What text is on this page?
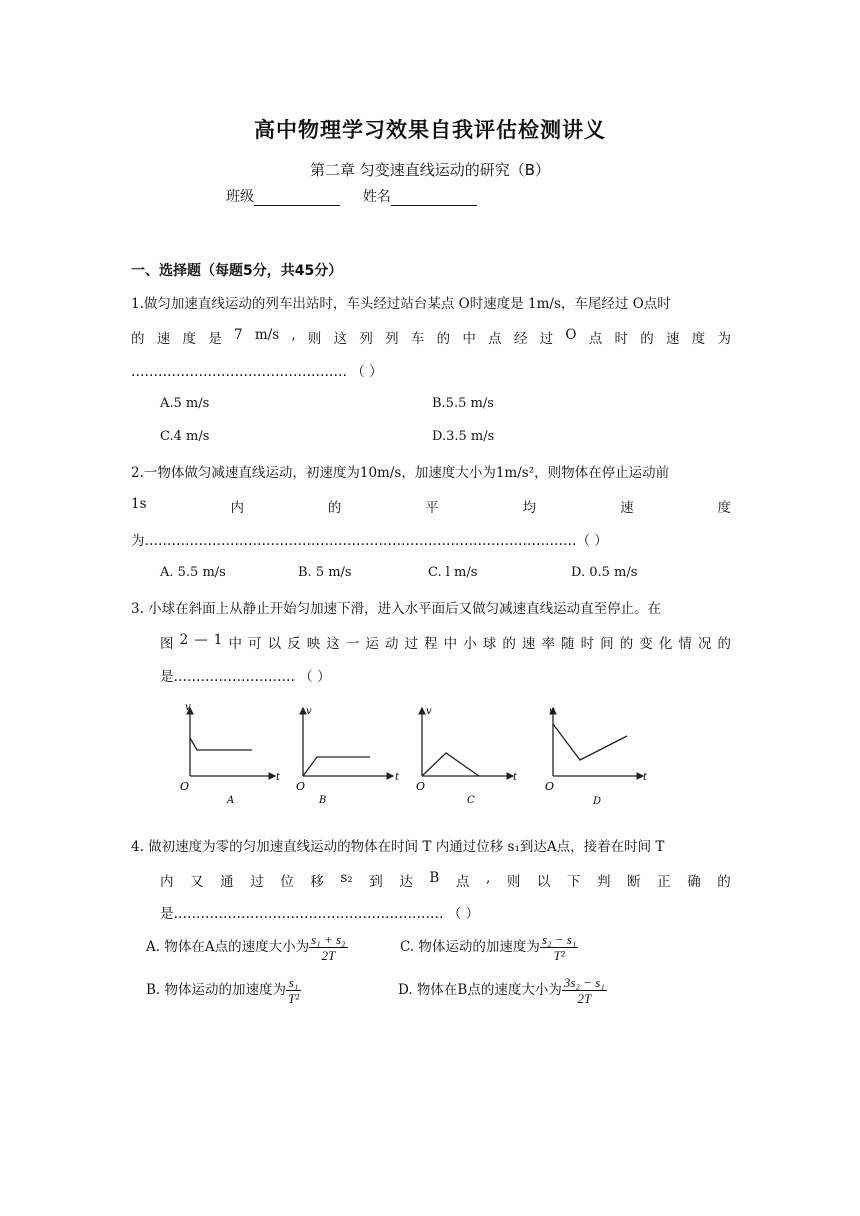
高中物理学习效果自我评估检测讲义
第二章 匀变速直线运动的研究（B）
班级	姓名
一、选择题（每题5分，共45分）
1.做匀加速直线运动的列车出站时，车头经过站台某点 O时速度是 1m/s，车尾经过 O点时
的 速 度 是 7 m/s , 则 这 列 列 车 的 中 点 经 过 O 点 时 的 速 度 为
………………………………………… （ ）
A.5 m/s	B.5.5 m/s
C.4 m/s	D.3.5 m/s
2.一物体做匀减速直线运动，初速度为10m/s，加速度大小为1m/s²，则物体在停止运动前
1s	内	的	平	均	速	度
为……………………………………………………………………………………（ ）
A. 5.5 m/s	B. 5 m/s	C. l m/s	D. 0.5 m/s
3. 小球在斜面上从静止开始匀加速下滑，进入水平面后又做匀减速直线运动直至停止。在
图 2 — 1 中 可 以 反 映 这 一 运 动 过 程 中 小 球 的 速 率 随 时 间 的 变 化 情 况 的
是……………………… （ ）
v
t
O
A
v
t
O
B
v
t
O
C
v
t
O
D
4. 做初速度为零的匀加速直线运动的物体在时间 T 内通过位移 s₁到达A点，接着在时间 T
内 又 通 过 位 移 s₂ 到 达 B 点 , 则 以 下 判 断 正 确 的
是…………………………………………………… （ ）
A. 物体在A点的速度大小为 $\frac{\text{s₁ + s₂}}{2T}$	C. 物体运动的加速度为 $\frac{\text{s₂ − s₁}}{\text{T²}}$
B. 物体运动的加速度为 $\frac{\text{s₁}}{\text{T²}}$	D. 物体在B点的速度大小为 $\frac{\text{3s₂ − s₁}}{2T}$
